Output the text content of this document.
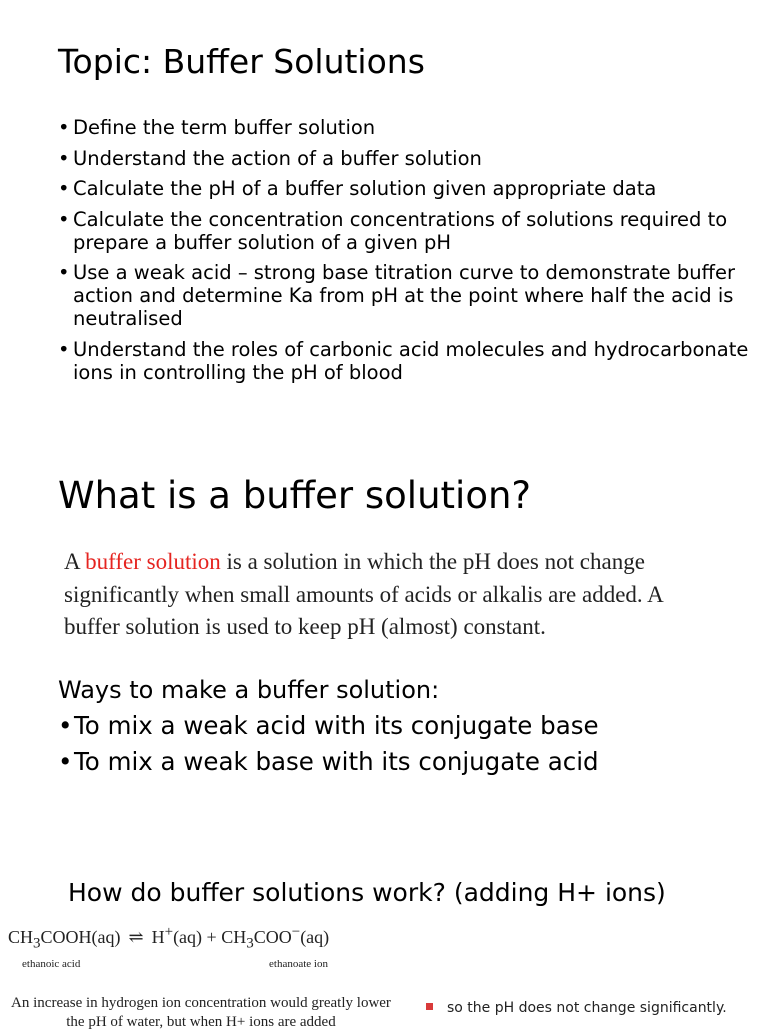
Topic: Buffer Solutions
• Define the term buffer solution
• Understand the action of a buffer solution
• Calculate the pH of a buffer solution given appropriate data
• Calculate the concentration concentrations of solutions required to prepare a buffer solution of a given pH
• Use a weak acid – strong base titration curve to demonstrate buffer action and determine Ka from pH at the point where half the acid is neutralised
• Understand the roles of carbonic acid molecules and hydrocarbonate ions in controlling the pH of blood
What is a buffer solution?

A buffer solution is a solution in which the pH does not change significantly when small amounts of acids or alkalis are added. A buffer solution is used to keep pH (almost) constant.

Ways to make a buffer solution:
• To mix a weak acid with its conjugate base
• To mix a weak base with its conjugate acid
How do buffer solutions work? (adding H+ ions)
$CH_3COOH(aq)$ ⇌ $H^+(aq) + CH_3COO^-(aq)$
ethanoic acid	ethanoate ion

An increase in hydrogen ion concentration would greatly lower the pH of water, but when H+ ions are added

so the pH does not change significantly.
